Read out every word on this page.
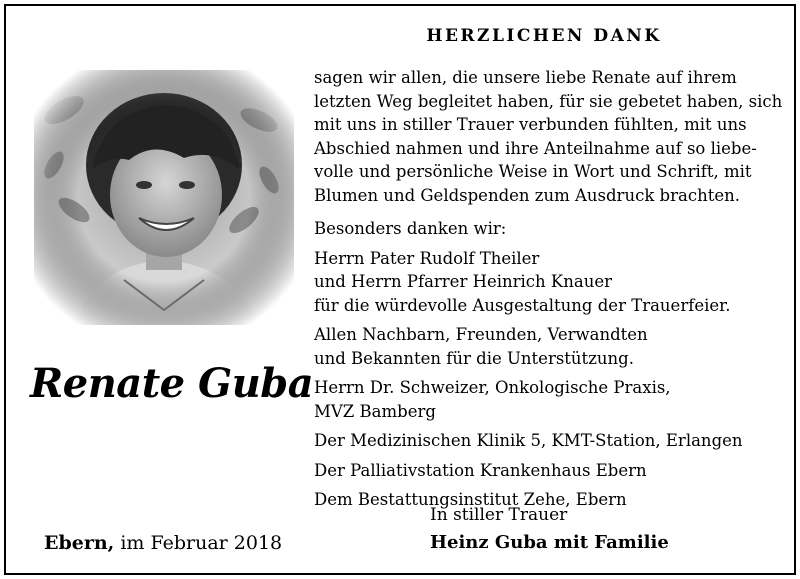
Renate Guba
Ebern, im Februar 2018
HERZLICHEN DANK

sagen wir allen, die unsere liebe Renate auf ihrem

letzten Weg begleitet haben, für sie gebetet haben, sich

mit uns in stiller Trauer verbunden fühlten, mit uns

Abschied nahmen und ihre Anteilnahme auf so liebe-

volle und persönliche Weise in Wort und Schrift, mit

Blumen und Geldspenden zum Ausdruck brachten.

Besonders danken wir:

Herrn Pater Rudolf Theiler

und Herrn Pfarrer Heinrich Knauer

für die würdevolle Ausgestaltung der Trauerfeier.

Allen Nachbarn, Freunden, Verwandten

und Bekannten für die Unterstützung.

Herrn Dr. Schweizer, Onkologische Praxis,

MVZ Bamberg

Der Medizinischen Klinik 5, KMT-Station, Erlangen

Der Palliativstation Krankenhaus Ebern

Dem Bestattungsinstitut Zehe, Ebern

In stiller Trauer
Heinz Guba mit Familie
